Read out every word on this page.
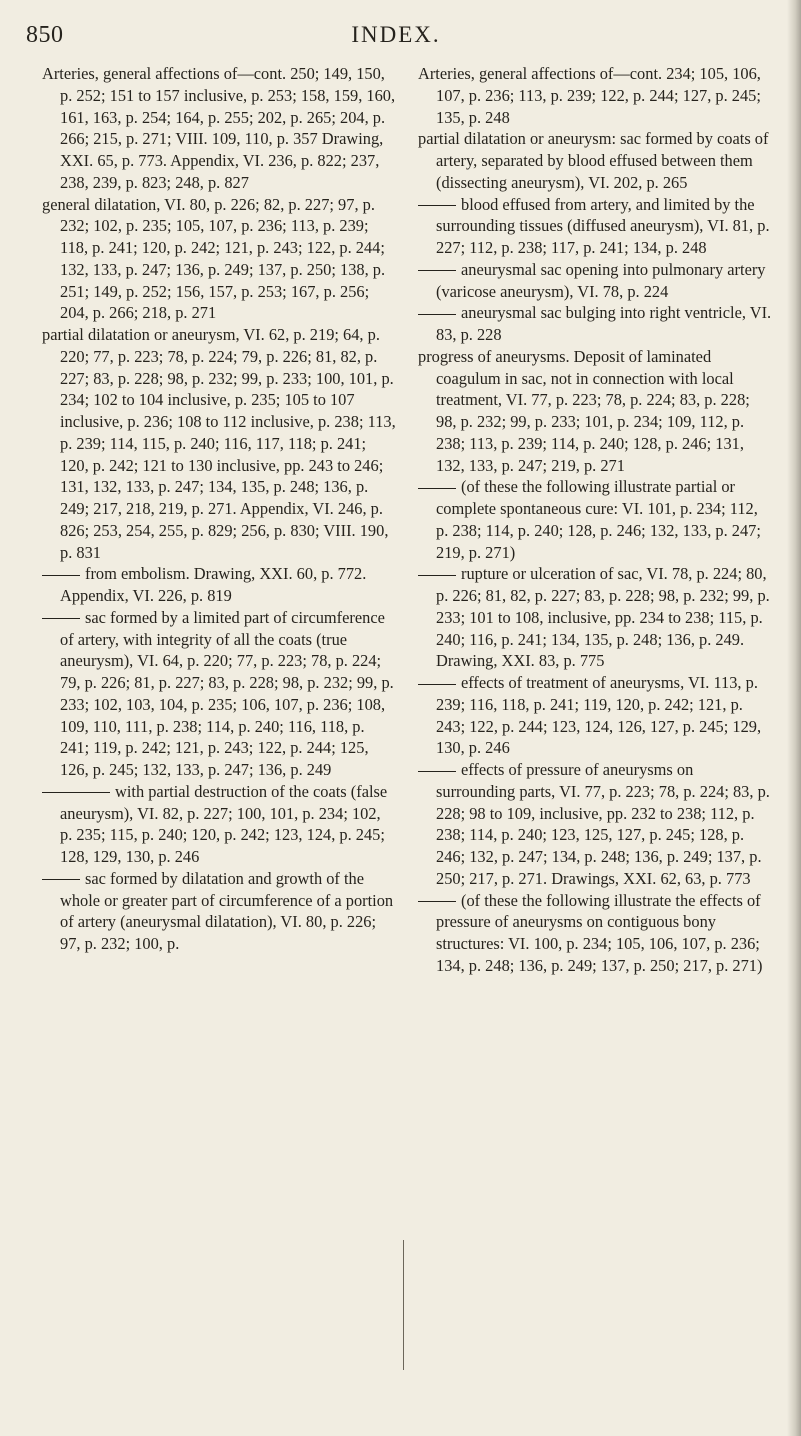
850	INDEX.

Arteries, general affections of—cont. 250; 149, 150, p. 252; 151 to 157 inclusive, p. 253; 158, 159, 160, 161, 163, p. 254; 164, p. 255; 202, p. 265; 204, p. 266; 215, p. 271; VIII. 109, 110, p. 357 Drawing, XXI. 65, p. 773. Appendix, VI. 236, p. 822; 237, 238, 239, p. 823; 248, p. 827

general dilatation, VI. 80, p. 226; 82, p. 227; 97, p. 232; 102, p. 235; 105, 107, p. 236; 113, p. 239; 118, p. 241; 120, p. 242; 121, p. 243; 122, p. 244; 132, 133, p. 247; 136, p. 249; 137, p. 250; 138, p. 251; 149, p. 252; 156, 157, p. 253; 167, p. 256; 204, p. 266; 218, p. 271

partial dilatation or aneurysm, VI. 62, p. 219; 64, p. 220; 77, p. 223; 78, p. 224; 79, p. 226; 81, 82, p. 227; 83, p. 228; 98, p. 232; 99, p. 233; 100, 101, p. 234; 102 to 104 inclusive, p. 235; 105 to 107 inclusive, p. 236; 108 to 112 inclusive, p. 238; 113, p. 239; 114, 115, p. 240; 116, 117, 118; p. 241; 120, p. 242; 121 to 130 inclusive, pp. 243 to 246; 131, 132, 133, p. 247; 134, 135, p. 248; 136, p. 249; 217, 218, 219, p. 271. Appendix, VI. 246, p. 826; 253, 254, 255, p. 829; 256, p. 830; VIII. 190, p. 831

from embolism. Drawing, XXI. 60, p. 772. Appendix, VI. 226, p. 819

sac formed by a limited part of circumference of artery, with integrity of all the coats (true aneurysm), VI. 64, p. 220; 77, p. 223; 78, p. 224; 79, p. 226; 81, p. 227; 83, p. 228; 98, p. 232; 99, p. 233; 102, 103, 104, p. 235; 106, 107, p. 236; 108, 109, 110, 111, p. 238; 114, p. 240; 116, 118, p. 241; 119, p. 242; 121, p. 243; 122, p. 244; 125, 126, p. 245; 132, 133, p. 247; 136, p. 249

with partial destruction of the coats (false aneurysm), VI. 82, p. 227; 100, 101, p. 234; 102, p. 235; 115, p. 240; 120, p. 242; 123, 124, p. 245; 128, 129, 130, p. 246

sac formed by dilatation and growth of the whole or greater part of circumference of a portion of artery (aneurysmal dilatation), VI. 80, p. 226; 97, p. 232; 100, p.

Arteries, general affections of—cont. 234; 105, 106, 107, p. 236; 113, p. 239; 122, p. 244; 127, p. 245; 135, p. 248

partial dilatation or aneurysm: sac formed by coats of artery, separated by blood effused between them (dissecting aneurysm), VI. 202, p. 265

blood effused from artery, and limited by the surrounding tissues (diffused aneurysm), VI. 81, p. 227; 112, p. 238; 117, p. 241; 134, p. 248

aneurysmal sac opening into pulmonary artery (varicose aneurysm), VI. 78, p. 224

aneurysmal sac bulging into right ventricle, VI. 83, p. 228

progress of aneurysms. Deposit of laminated coagulum in sac, not in connection with local treatment, VI. 77, p. 223; 78, p. 224; 83, p. 228; 98, p. 232; 99, p. 233; 101, p. 234; 109, 112, p. 238; 113, p. 239; 114, p. 240; 128, p. 246; 131, 132, 133, p. 247; 219, p. 271

(of these the following illustrate partial or complete spontaneous cure: VI. 101, p. 234; 112, p. 238; 114, p. 240; 128, p. 246; 132, 133, p. 247; 219, p. 271)

rupture or ulceration of sac, VI. 78, p. 224; 80, p. 226; 81, 82, p. 227; 83, p. 228; 98, p. 232; 99, p. 233; 101 to 108, inclusive, pp. 234 to 238; 115, p. 240; 116, p. 241; 134, 135, p. 248; 136, p. 249. Drawing, XXI. 83, p. 775

effects of treatment of aneurysms, VI. 113, p. 239; 116, 118, p. 241; 119, 120, p. 242; 121, p. 243; 122, p. 244; 123, 124, 126, 127, p. 245; 129, 130, p. 246

effects of pressure of aneurysms on surrounding parts, VI. 77, p. 223; 78, p. 224; 83, p. 228; 98 to 109, inclusive, pp. 232 to 238; 112, p. 238; 114, p. 240; 123, 125, 127, p. 245; 128, p. 246; 132, p. 247; 134, p. 248; 136, p. 249; 137, p. 250; 217, p. 271. Drawings, XXI. 62, 63, p. 773

(of these the following illustrate the effects of pressure of aneurysms on contiguous bony structures: VI. 100, p. 234; 105, 106, 107, p. 236; 134, p. 248; 136, p. 249; 137, p. 250; 217, p. 271)
